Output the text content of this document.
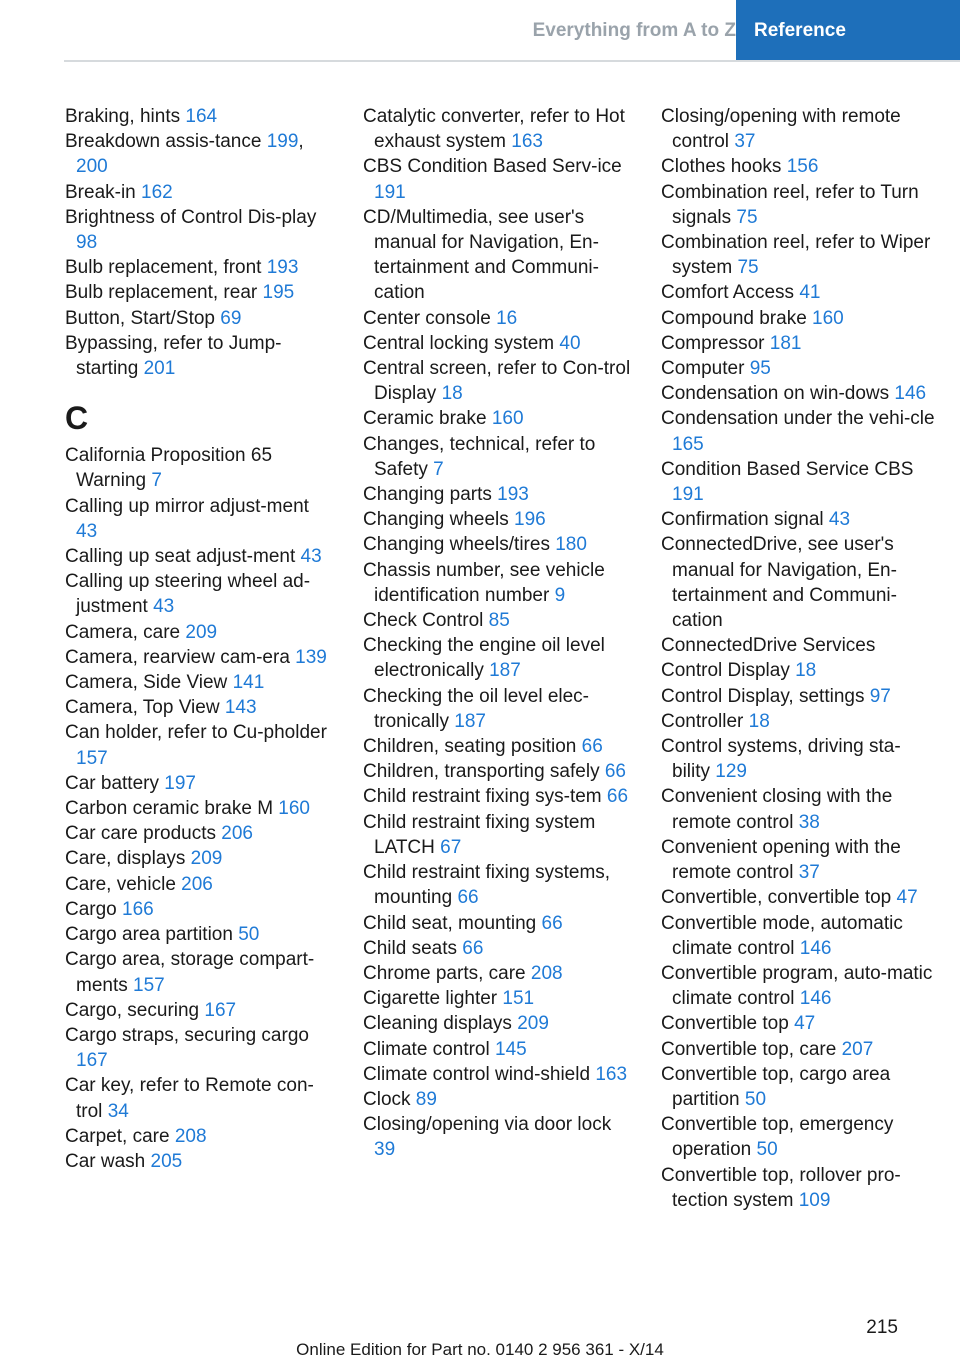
Everything from A to Z Reference
Braking, hints 164
Breakdown assis-tance 199, 200
Break-in 162
Brightness of Control Dis-play 98
Bulb replacement, front 193
Bulb replacement, rear 195
Button, Start/Stop 69
Bypassing, refer to Jump-starting 201
C
California Proposition 65 Warning 7
Calling up mirror adjust-ment 43
Calling up seat adjust-ment 43
Calling up steering wheel ad-justment 43
Camera, care 209
Camera, rearview cam-era 139
Camera, Side View 141
Camera, Top View 143
Can holder, refer to Cu-pholder 157
Car battery 197
Carbon ceramic brake M 160
Car care products 206
Care, displays 209
Care, vehicle 206
Cargo 166
Cargo area partition 50
Cargo area, storage compart-ments 157
Cargo, securing 167
Cargo straps, securing cargo 167
Car key, refer to Remote con-trol 34
Carpet, care 208
Car wash 205
Catalytic converter, refer to Hot exhaust system 163
CBS Condition Based Serv-ice 191
CD/Multimedia, see user's manual for Navigation, En-tertainment and Communi-cation
Center console 16
Central locking system 40
Central screen, refer to Con-trol Display 18
Ceramic brake 160
Changes, technical, refer to Safety 7
Changing parts 193
Changing wheels 196
Changing wheels/tires 180
Chassis number, see vehicle identification number 9
Check Control 85
Checking the engine oil level electronically 187
Checking the oil level elec-tronically 187
Children, seating position 66
Children, transporting safely 66
Child restraint fixing sys-tem 66
Child restraint fixing system LATCH 67
Child restraint fixing systems, mounting 66
Child seat, mounting 66
Child seats 66
Chrome parts, care 208
Cigarette lighter 151
Cleaning displays 209
Climate control 145
Climate control wind-shield 163
Clock 89
Closing/opening via door lock 39
Closing/opening with remote control 37
Clothes hooks 156
Combination reel, refer to Turn signals 75
Combination reel, refer to Wiper system 75
Comfort Access 41
Compound brake 160
Compressor 181
Computer 95
Condensation on win-dows 146
Condensation under the vehi-cle 165
Condition Based Service CBS 191
Confirmation signal 43
ConnectedDrive, see user's manual for Navigation, En-tertainment and Communi-cation
ConnectedDrive Services
Control Display 18
Control Display, settings 97
Controller 18
Control systems, driving sta-bility 129
Convenient closing with the remote control 38
Convenient opening with the remote control 37
Convertible, convertible top 47
Convertible mode, automatic climate control 146
Convertible program, auto-matic climate control 146
Convertible top 47
Convertible top, care 207
Convertible top, cargo area partition 50
Convertible top, emergency operation 50
Convertible top, rollover pro-tection system 109
215
Online Edition for Part no. 0140 2 956 361 - X/14
